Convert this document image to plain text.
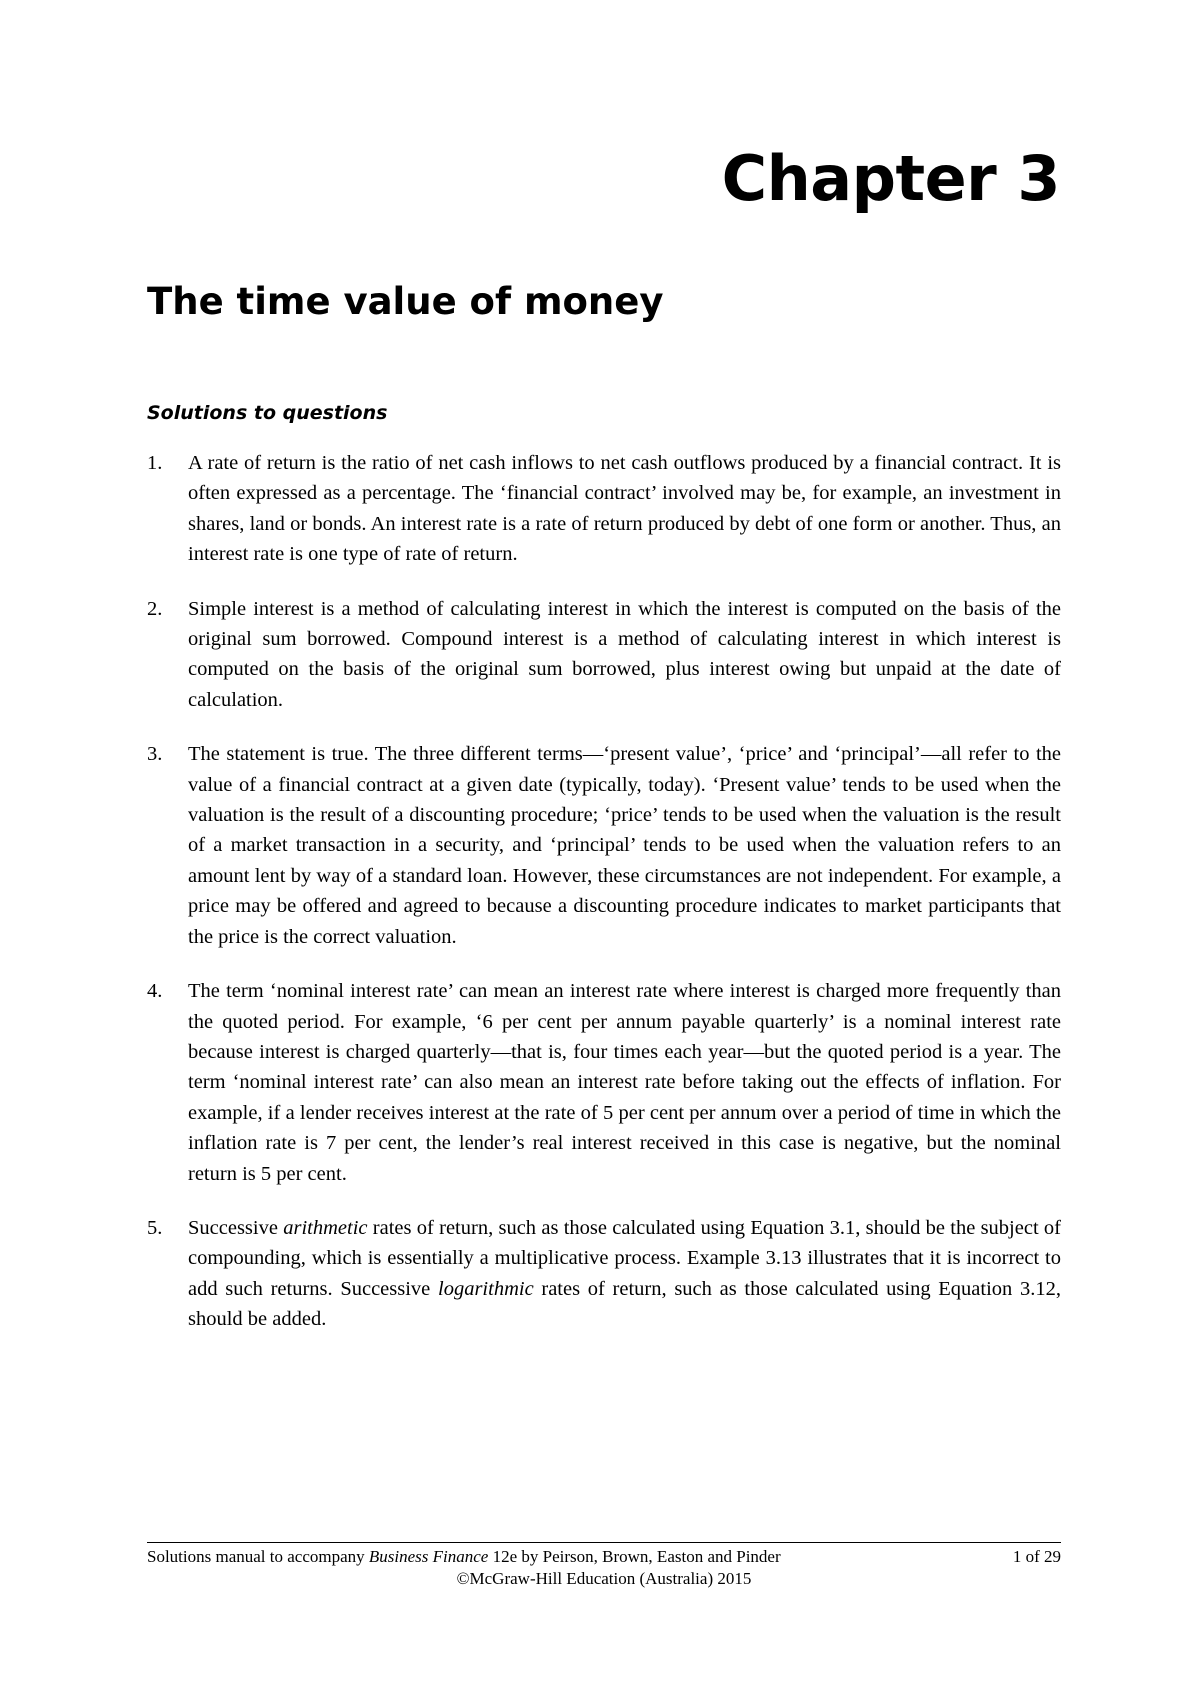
Chapter 3
The time value of money
Solutions to questions
1.	A rate of return is the ratio of net cash inflows to net cash outflows produced by a financial contract. It is often expressed as a percentage. The ‘financial contract’ involved may be, for example, an investment in shares, land or bonds. An interest rate is a rate of return produced by debt of one form or another. Thus, an interest rate is one type of rate of return.
2.	Simple interest is a method of calculating interest in which the interest is computed on the basis of the original sum borrowed. Compound interest is a method of calculating interest in which interest is computed on the basis of the original sum borrowed, plus interest owing but unpaid at the date of calculation.
3.	The statement is true. The three different terms—‘present value’, ‘price’ and ‘principal’—all refer to the value of a financial contract at a given date (typically, today). ‘Present value’ tends to be used when the valuation is the result of a discounting procedure; ‘price’ tends to be used when the valuation is the result of a market transaction in a security, and ‘principal’ tends to be used when the valuation refers to an amount lent by way of a standard loan. However, these circumstances are not independent. For example, a price may be offered and agreed to because a discounting procedure indicates to market participants that the price is the correct valuation.
4.	The term ‘nominal interest rate’ can mean an interest rate where interest is charged more frequently than the quoted period. For example, ‘6 per cent per annum payable quarterly’ is a nominal interest rate because interest is charged quarterly—that is, four times each year—but the quoted period is a year. The term ‘nominal interest rate’ can also mean an interest rate before taking out the effects of inflation. For example, if a lender receives interest at the rate of 5 per cent per annum over a period of time in which the inflation rate is 7 per cent, the lender’s real interest received in this case is negative, but the nominal return is 5 per cent.
5.	Successive arithmetic rates of return, such as those calculated using Equation 3.1, should be the subject of compounding, which is essentially a multiplicative process. Example 3.13 illustrates that it is incorrect to add such returns. Successive logarithmic rates of return, such as those calculated using Equation 3.12, should be added.
Solutions manual to accompany Business Finance 12e by Peirson, Brown, Easton and Pinder	1 of 29
©McGraw-Hill Education (Australia) 2015
